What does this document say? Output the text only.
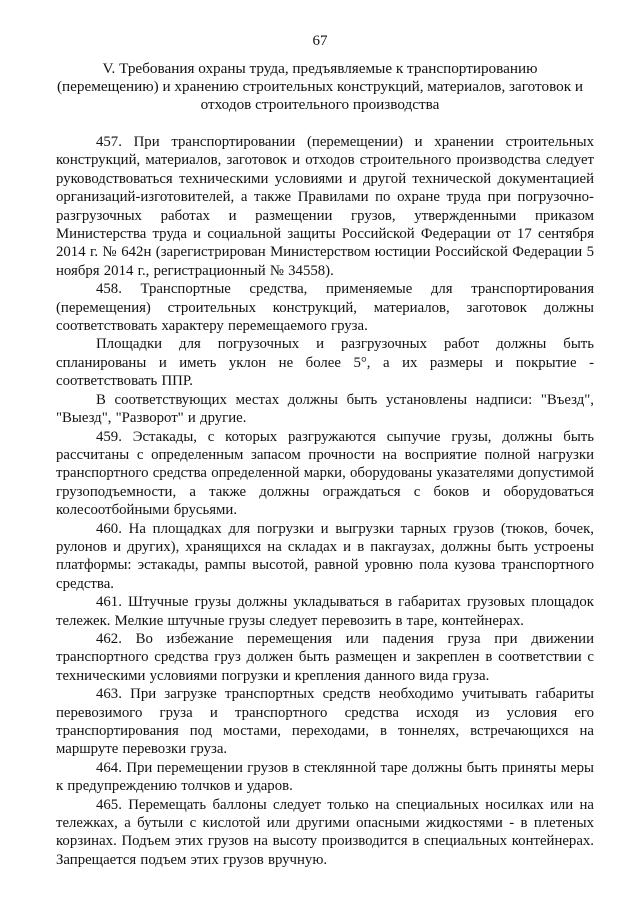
67
V. Требования охраны труда, предъявляемые к транспортированию (перемещению) и хранению строительных конструкций, материалов, заготовок и отходов строительного производства

457. При транспортировании (перемещении) и хранении строительных конструкций, материалов, заготовок и отходов строительного производства следует руководствоваться техническими условиями и другой технической документацией организаций-изготовителей, а также Правилами по охране труда при погрузочно-разгрузочных работах и размещении грузов, утвержденными приказом Министерства труда и социальной защиты Российской Федерации от 17 сентября 2014 г. № 642н (зарегистрирован Министерством юстиции Российской Федерации 5 ноября 2014 г., регистрационный № 34558).

458. Транспортные средства, применяемые для транспортирования (перемещения) строительных конструкций, материалов, заготовок должны соответствовать характеру перемещаемого груза.

Площадки для погрузочных и разгрузочных работ должны быть спланированы и иметь уклон не более 5°, а их размеры и покрытие - соответствовать ППР.

В соответствующих местах должны быть установлены надписи: "Въезд", "Выезд", "Разворот" и другие.

459. Эстакады, с которых разгружаются сыпучие грузы, должны быть рассчитаны с определенным запасом прочности на восприятие полной нагрузки транспортного средства определенной марки, оборудованы указателями допустимой грузоподъемности, а также должны ограждаться с боков и оборудоваться колесоотбойными брусьями.

460. На площадках для погрузки и выгрузки тарных грузов (тюков, бочек, рулонов и других), хранящихся на складах и в пакгаузах, должны быть устроены платформы: эстакады, рампы высотой, равной уровню пола кузова транспортного средства.

461. Штучные грузы должны укладываться в габаритах грузовых площадок тележек. Мелкие штучные грузы следует перевозить в таре, контейнерах.

462. Во избежание перемещения или падения груза при движении транспортного средства груз должен быть размещен и закреплен в соответствии с техническими условиями погрузки и крепления данного вида груза.

463. При загрузке транспортных средств необходимо учитывать габариты перевозимого груза и транспортного средства исходя из условия его транспортирования под мостами, переходами, в тоннелях, встречающихся на маршруте перевозки груза.

464. При перемещении грузов в стеклянной таре должны быть приняты меры к предупреждению толчков и ударов.

465. Перемещать баллоны следует только на специальных носилках или на тележках, а бутыли с кислотой или другими опасными жидкостями - в плетеных корзинах. Подъем этих грузов на высоту производится в специальных контейнерах. Запрещается подъем этих грузов вручную.
